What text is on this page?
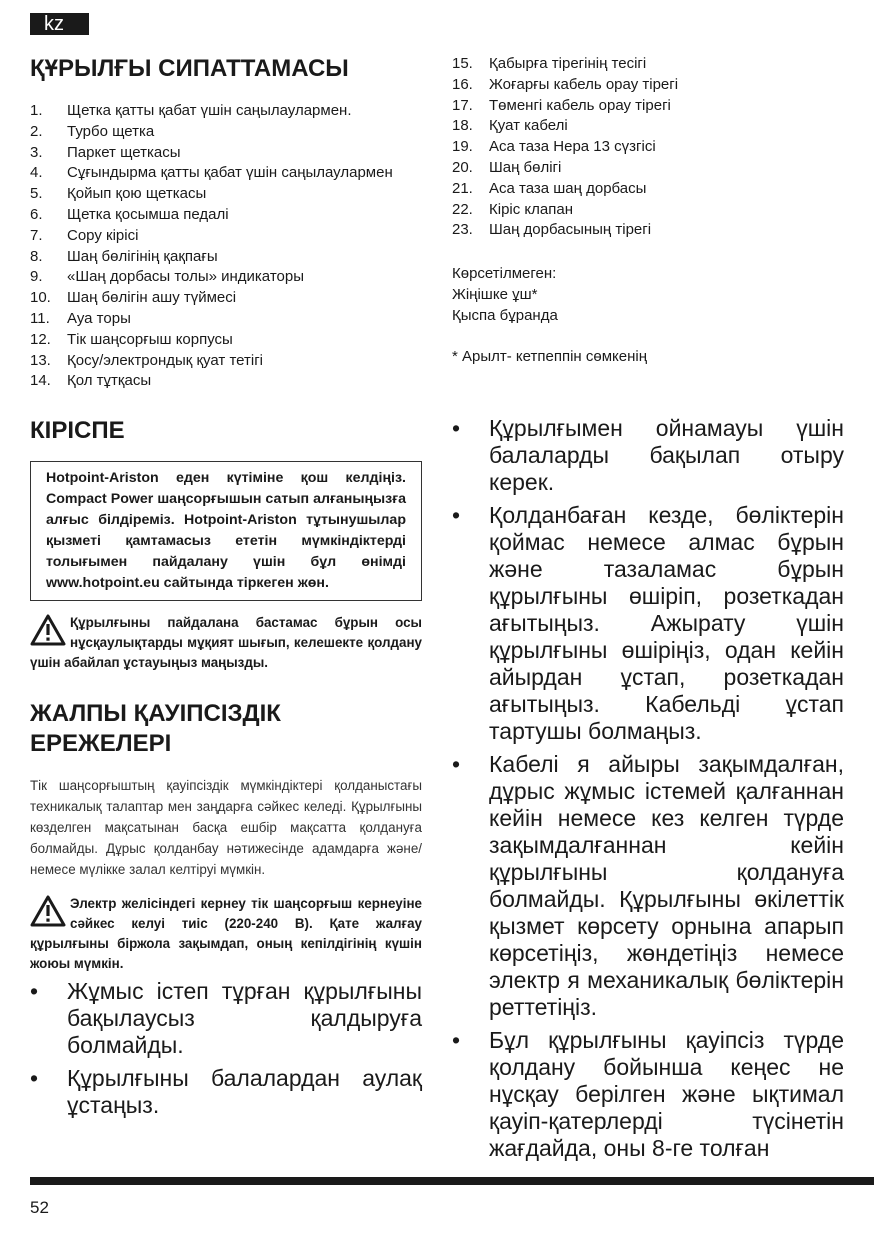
kz
ҚҰРЫЛҒЫ СИПАТТАМАСЫ
1.	Щетка қатты қабат үшін саңылаулармен.
2.	Турбо щетка
3.	Паркет щеткасы
4.	Сұғындырма қатты қабат үшін саңылаулармен
5.	Қойып қою щеткасы
6.	Щетка қосымша педалі
7.	Сору кірісі
8.	Шаң бөлігінің қақпағы
9.	«Шаң дорбасы толы» индикаторы
10.	Шаң бөлігін ашу түймесі
11.	Ауа торы
12.	Тік шаңсорғыш корпусы
13.	Қосу/электрондық қуат тетігі
14.	Қол тұтқасы
КІРІСПЕ
Hotpoint-Ariston еден күтіміне қош келдіңіз. Compact Power шаңсорғышын сатып алғаныңызға алғыс білдіреміз. Hotpoint-Ariston тұтынушылар қызметі қамтамасыз ететін мүмкіндіктерді толығымен пайдалану үшін бұл өнімді www.hotpoint.eu сайтында тіркеген жөн.
Құрылғыны пайдалана бастамас бұрын осы нұсқаулықтарды мұқият шығып, келешекте қолдану үшін абайлап ұстауыңыз маңызды.
ЖАЛПЫ ҚАУІПСІЗДІК
ЕРЕЖЕЛЕРІ
Тік шаңсорғыштың қауіпсіздік мүмкіндіктері қолданыстағы техникалық талаптар мен заңдарға сәйкес келеді. Құрылғыны көзделген мақсатынан басқа ешбір мақсатта қолдануға болмайды. Дұрыс қолданбау нәтижесінде адамдарға және/немесе мүлікке залал келтіруі мүмкін.
Электр желісіндегі кернеу тік шаңсорғыш кернеуіне сәйкес келуі тиіс (220-240 В). Қате жалғау құрылғыны біржола зақымдап, оның кепілдігінің күшін жоюы мүмкін.
• Жұмыс істеп тұрған құрылғыны бақылаусыз қалдыруға болмайды.
• Құрылғыны балалардан аулақ ұстаңыз.
15.	Қабырға тірегінің тесігі
16.	Жоғарғы кабель орау тірегі
17.	Төменгі кабель орау тірегі
18.	Қуат кабелі
19.	Аса таза Hepa 13 сүзгісі
20.	Шаң бөлігі
21.	Аса таза шаң дорбасы
22.	Кіріс клапан
23.	Шаң дорбасының тірегі
Көрсетілмеген:
Жіңішке ұш*
Қыспа бұранда
* Арылт- кетпеппін сөмкенің
• Құрылғымен ойнамауы үшін балаларды бақылап отыру керек.
• Қолданбаған кезде, бөліктерін қоймас немесе алмас бұрын және тазаламас бұрын құрылғыны өшіріп, розеткадан ағытыңыз. Ажырату үшін құрылғыны өшіріңіз, одан кейін айырдан ұстап, розеткадан ағытыңыз. Кабельді ұстап тартушы болмаңыз.
• Кабелі я айыры зақымдалған, дұрыс жұмыс істемей қалғаннан кейін немесе кез келген түрде зақымдалғаннан кейін құрылғыны қолдануға болмайды. Құрылғыны өкілеттік қызмет көрсету орнына апарып көрсетіңіз, жөндетіңіз немесе электр я механикалық бөліктерін реттетіңіз.
• Бұл құрылғыны қауіпсіз түрде қолдану бойынша кеңес не нұсқау берілген және ықтимал қауіп-қатерлерді түсінетін жағдайда, оны 8-ге толған
52
